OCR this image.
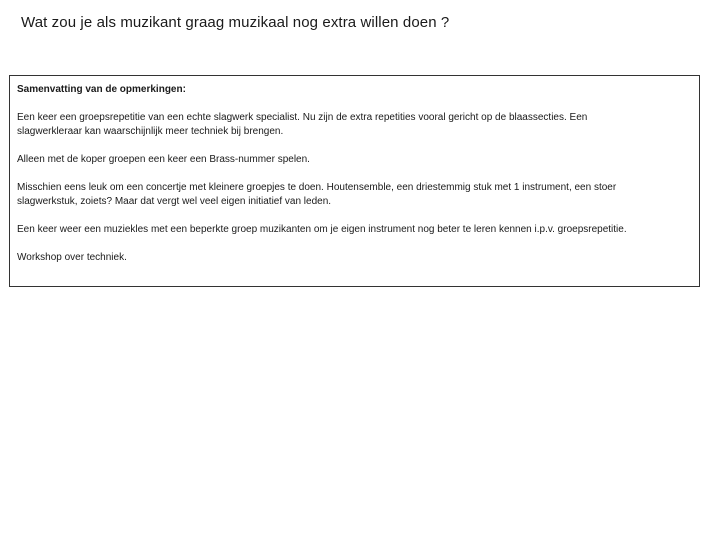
Wat zou je als muzikant graag muzikaal nog extra willen doen ?
Samenvatting van de opmerkingen:
Een keer een groepsrepetitie van een echte slagwerk specialist. Nu zijn de extra repetities vooral gericht op de blaassecties. Een
slagwerkleraar kan waarschijnlijk meer techniek bij brengen.
Alleen met de koper groepen een keer een Brass-nummer spelen.
Misschien eens leuk om een concertje met kleinere groepjes te doen. Houtensemble, een driestemmig stuk met 1 instrument, een stoer
slagwerkstuk, zoiets? Maar dat vergt wel veel eigen initiatief van leden.
Een keer weer een muziekles met een beperkte groep muzikanten om je eigen instrument nog beter te leren kennen i.p.v. groepsrepetitie.
Workshop over techniek.
